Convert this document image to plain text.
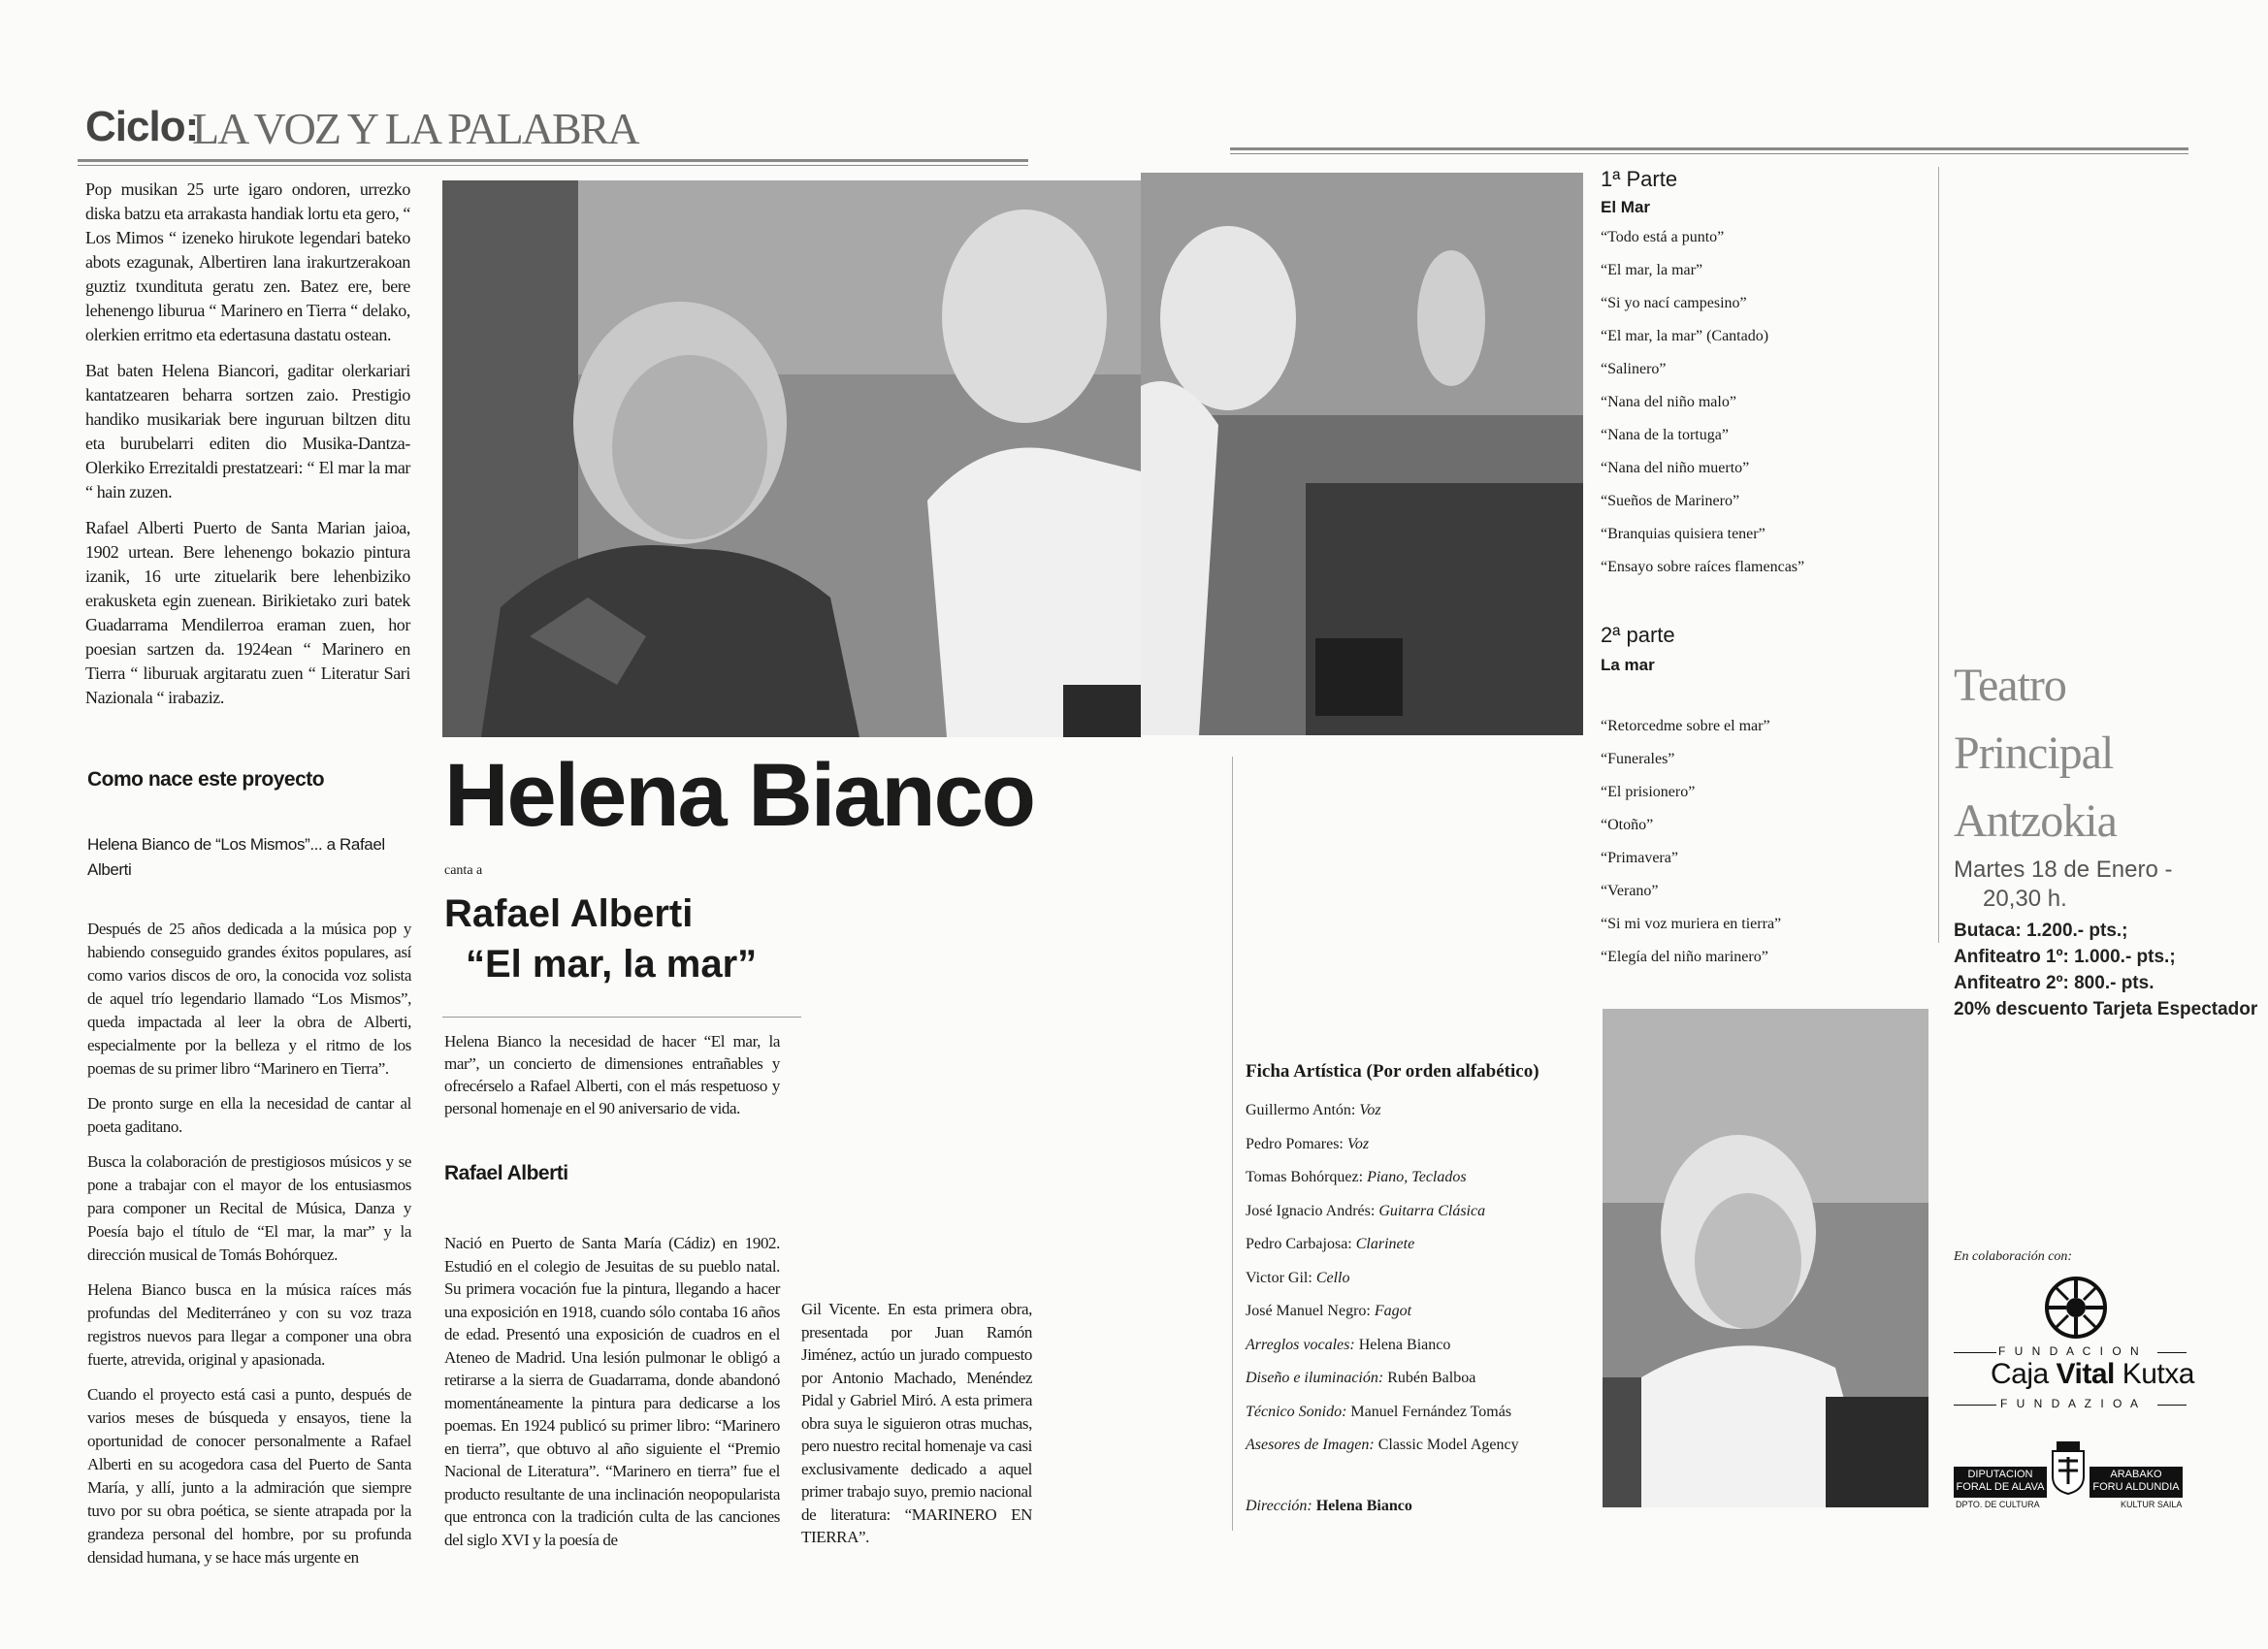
Ciclo:
LA VOZ Y LA PALABRA

Pop musikan 25 urte igaro ondoren, urrezko diska batzu eta arrakasta handiak lortu eta gero, “ Los Mimos “ izeneko hirukote legendari bateko abots ezagunak, Albertiren lana irakurtzerakoan guztiz txundituta geratu zen. Batez ere, bere lehenengo liburua “ Marinero en Tierra “ delako, olerkien erritmo eta edertasuna dastatu ostean.

Bat baten Helena Biancori, gaditar olerkariari kantatzearen beharra sortzen zaio. Prestigio handiko musikariak bere inguruan biltzen ditu eta burubelarri editen dio Musika-Dantza-Olerkiko Errezitaldi prestatzeari: “ El mar la mar “ hain zuzen.

Rafael Alberti Puerto de Santa Marian jaioa, 1902 urtean. Bere lehenengo bokazio pintura izanik, 16 urte zituelarik bere lehenbiziko erakusketa egin zuenean. Birikietako zuri batek Guadarrama Mendilerroa eraman zuen, hor poesian sartzen da. 1924ean “ Marinero en Tierra “ liburuak argitaratu zuen “ Literatur Sari Nazionala “ irabaziz.

Como nace este proyecto
Helena Bianco de “Los Mismos”... a Rafael Alberti

Después de 25 años dedicada a la música pop y habiendo conseguido grandes éxitos populares, así como varios discos de oro, la conocida voz solista de aquel trío legendario llamado “Los Mismos”, queda impactada al leer la obra de Alberti, especialmente por la belleza y el ritmo de los poemas de su primer libro “Marinero en Tierra”.

De pronto surge en ella la necesidad de cantar al poeta gaditano.

Busca la colaboración de prestigiosos músicos y se pone a trabajar con el mayor de los entusiasmos para componer un Recital de Música, Danza y Poesía bajo el título de “El mar, la mar” y la dirección musical de Tomás Bohórquez.

Helena Bianco busca en la música raíces más profundas del Mediterráneo y con su voz traza registros nuevos para llegar a componer una obra fuerte, atrevida, original y apasionada.

Cuando el proyecto está casi a punto, después de varios meses de búsqueda y ensayos, tiene la oportunidad de conocer personalmente a Rafael Alberti en su acogedora casa del Puerto de Santa María, y allí, junto a la admiración que siempre tuvo por su obra poética, se siente atrapada por la grandeza personal del hombre, por su profunda densidad humana, y se hace más urgente en

Helena Bianco
canta a
Rafael Alberti
“El mar, la mar”
Helena Bianco la necesidad de hacer “El mar, la mar”, un concierto de dimensiones entrañables y ofrecérselo a Rafael Alberti, con el más respetuoso y personal homenaje en el 90 aniversario de vida.
Rafael Alberti
Nació en Puerto de Santa María (Cádiz) en 1902. Estudió en el colegio de Jesuitas de su pueblo natal. Su primera vocación fue la pintura, llegando a hacer una exposición en 1918, cuando sólo contaba 16 años de edad. Presentó una exposición de cuadros en el Ateneo de Madrid. Una lesión pulmonar le obligó a retirarse a la sierra de Guadarrama, donde abandonó momentáneamente la pintura para dedicarse a los poemas. En 1924 publicó su primer libro: “Marinero en tierra”, que obtuvo al año siguiente el “Premio Nacional de Literatura”. “Marinero en tierra” fue el producto resultante de una inclinación neopopularista que entronca con la tradición culta de las canciones del siglo XVI y la poesía de
Gil Vicente. En esta primera obra, presentada por Juan Ramón Jiménez, actúo un jurado compuesto por Antonio Machado, Menéndez Pidal y Gabriel Miró. A esta primera obra suya le siguieron otras muchas, pero nuestro recital homenaje va casi exclusivamente dedicado a aquel primer trabajo suyo, premio nacional de literatura: “MARINERO EN TIERRA”.
Ficha Artística (Por orden alfabético)
Guillermo Antón: Voz
Pedro Pomares: Voz
Tomas Bohórquez: Piano, Teclados
José Ignacio Andrés: Guitarra Clásica
Pedro Carbajosa: Clarinete
Victor Gil: Cello
José Manuel Negro: Fagot
Arreglos vocales: Helena Bianco
Diseño e iluminación: Rubén Balboa
Técnico Sonido: Manuel Fernández Tomás
Asesores de Imagen: Classic Model Agency
Dirección: Helena Bianco
1ª Parte
El Mar
“Todo está a punto”
“El mar, la mar”
“Si yo nací campesino”
“El mar, la mar” (Cantado)
“Salinero”
“Nana del niño malo”
“Nana de la tortuga”
“Nana del niño muerto”
“Sueños de Marinero”
“Branquias quisiera tener”
“Ensayo sobre raíces flamencas”
2ª parte
La mar
“Retorcedme sobre el mar”
“Funerales”
“El prisionero”
“Otoño”
“Primavera”
“Verano”
“Si mi voz muriera en tierra”
“Elegía del niño marinero”
Teatro
Principal
Antzokia
Martes 18 de Enero -
20,30 h.
Butaca: 1.200.- pts.;
Anfiteatro 1º: 1.000.- pts.;
Anfiteatro 2º: 800.- pts.
20% descuento Tarjeta Espectador
En colaboración con:
F U N D A C I O N
Caja Vital Kutxa
F U N D A Z I O A
DIPUTACION
FORAL DE ALAVA
ARABAKO
FORU ALDUNDIA
DPTO. DE CULTURA	KULTUR SAILA
